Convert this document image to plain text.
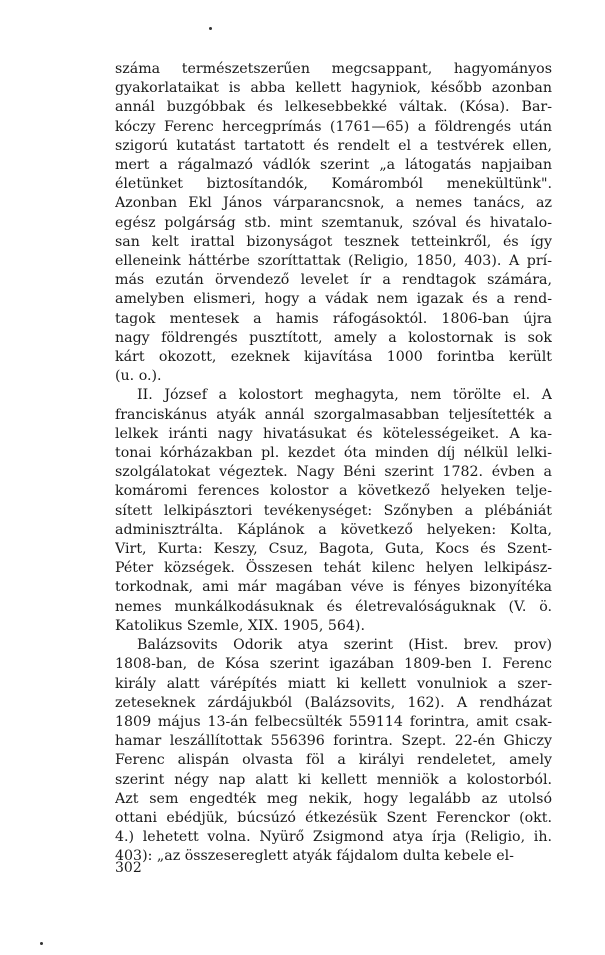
száma természetszerűen megcsappant, hagyományos
gyakorlataikat is abba kellett hagyniok, később azonban
annál buzgóbbak és lelkesebbekké váltak. (Kósa). Bar-
kóczy Ferenc hercegprímás (1761—65) a földrengés után
szigorú kutatást tartatott és rendelt el a testvérek ellen,
mert a rágalmazó vádlók szerint „a látogatás napjaiban
életünket biztosítandók, Komáromból menekültünk".
Azonban Ekl János várparancsnok, a nemes tanács, az
egész polgárság stb. mint szemtanuk, szóval és hivatalo-
san kelt irattal bizonyságot tesznek tetteinkről, és így
elleneink háttérbe szoríttattak (Religio, 1850, 403). A prí-
más ezután örvendező levelet ír a rendtagok számára,
amelyben elismeri, hogy a vádak nem igazak és a rend-
tagok mentesek a hamis ráfogásoktól. 1806-ban újra
nagy földrengés pusztított, amely a kolostornak is sok
kárt okozott, ezeknek kijavítása 1000 forintba került
(u. o.).

II. József a kolostort meghagyta, nem törölte el. A
franciskánus atyák annál szorgalmasabban teljesítették a
lelkek iránti nagy hivatásukat és kötelességeiket. A ka-
tonai kórházakban pl. kezdet óta minden díj nélkül lelki-
szolgálatokat végeztek. Nagy Béni szerint 1782. évben a
komáromi ferences kolostor a következő helyeken telje-
sített lelkipásztori tevékenységet: Szőnyben a plébániát
adminisztrálta. Káplánok a következő helyeken: Kolta,
Virt, Kurta: Keszy, Csuz, Bagota, Guta, Kocs és Szent-
Péter községek. Összesen tehát kilenc helyen lelkipász-
torkodnak, ami már magában véve is fényes bizonyítéka
nemes munkálkodásuknak és életrevalóságuknak (V. ö.
Katolikus Szemle, XIX. 1905, 564).

Balázsovits Odorik atya szerint (Hist. brev. prov)
1808-ban, de Kósa szerint igazában 1809-ben I. Ferenc
király alatt várépítés miatt ki kellett vonulniok a szer-
zeteseknek zárdájukból (Balázsovits, 162). A rendházat
1809 május 13-án felbecsülték 559114 forintra, amit csak-
hamar leszállítottak 556396 forintra. Szept. 22-én Ghiczy
Ferenc alispán olvasta föl a királyi rendeletet, amely
szerint négy nap alatt ki kellett menniök a kolostorból.
Azt sem engedték meg nekik, hogy legalább az utolsó
ottani ebédjük, búcsúzó étkezésük Szent Ferenckor (okt.
4.) lehetett volna. Nyürő Zsigmond atya írja (Religio, ih.
403): „az összesereglett atyák fájdalom dulta kebele el-

302
